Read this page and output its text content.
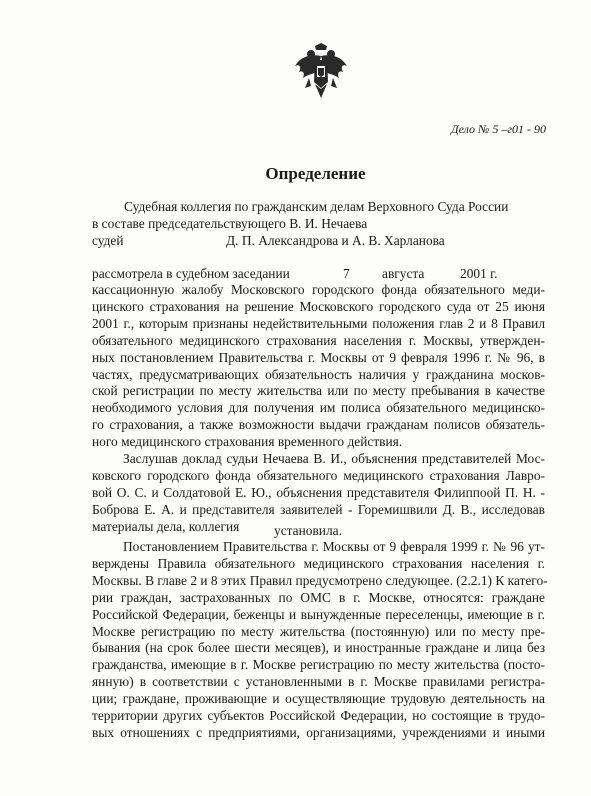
Дело № 5 –г01 - 90
Определение
Судебная коллегия по гражданским делам Верховного Суда России
в составе председательствующего В. И. Нечаева
судей	Д. П. Александрова и А. В. Харланова
рассмотрела в судебном заседании	7 августа	2001 г.
кассационную жалобу Московского городского фонда обязательного меди-
цинского страхования на решение Московского городского суда от 25 июня
2001 г., которым признаны недействительными положения глав 2 и 8 Правил
обязательного медицинского страхования населения г. Москвы, утвержден-
ных постановлением Правительства г. Москвы от 9 февраля 1996 г. № 96, в
частях, предусматривающих обязательность наличия у гражданина москов-
ской регистрации по месту жительства или по месту пребывания в качестве
необходимого условия для получения им полиса обязательного медицинско-
го страхования, а также возможности выдачи гражданам полисов обязатель-
ного медицинского страхования временного действия.
Заслушав доклад судьи Нечаева В. И., объяснения представителей Мос-
ковского городского фонда обязательного медицинского страхования Лавро-
вой О. С. и Солдатовой Е. Ю., объяснения представителя Филиппоой П. Н. -
Боброва Е. А. и представителя заявителей - Горемишвили Д. В., исследовав
материалы дела, коллегия	установила.
Постановлением Правительства г. Москвы от 9 февраля 1999 г. № 96 ут-
верждены Правила обязательного медицинского страхования населения г.
Москвы. В главе 2 и 8 этих Правил предусмотрено следующее. (2.2.1) К катего-
рии граждан, застрахованных по ОМС в г. Москве, относятся: граждане
Российской Федерации, беженцы и вынужденные переселенцы, имеющие в г.
Москве регистрацию по месту жительства (постоянную) или по месту пре-
бывания (на срок более шести месяцев), и иностранные граждане и лица без
гражданства, имеющие в г. Москве регистрацию по месту жительства (посто-
янную) в соответствии с установленными в г. Москве правилами регистра-
ции; граждане, проживающие и осуществляющие трудовую деятельность на
территории других субъектов Российской Федерации, но состоящие в трудо-
вых отношениях с предприятиями, организациями, учреждениями и иными
